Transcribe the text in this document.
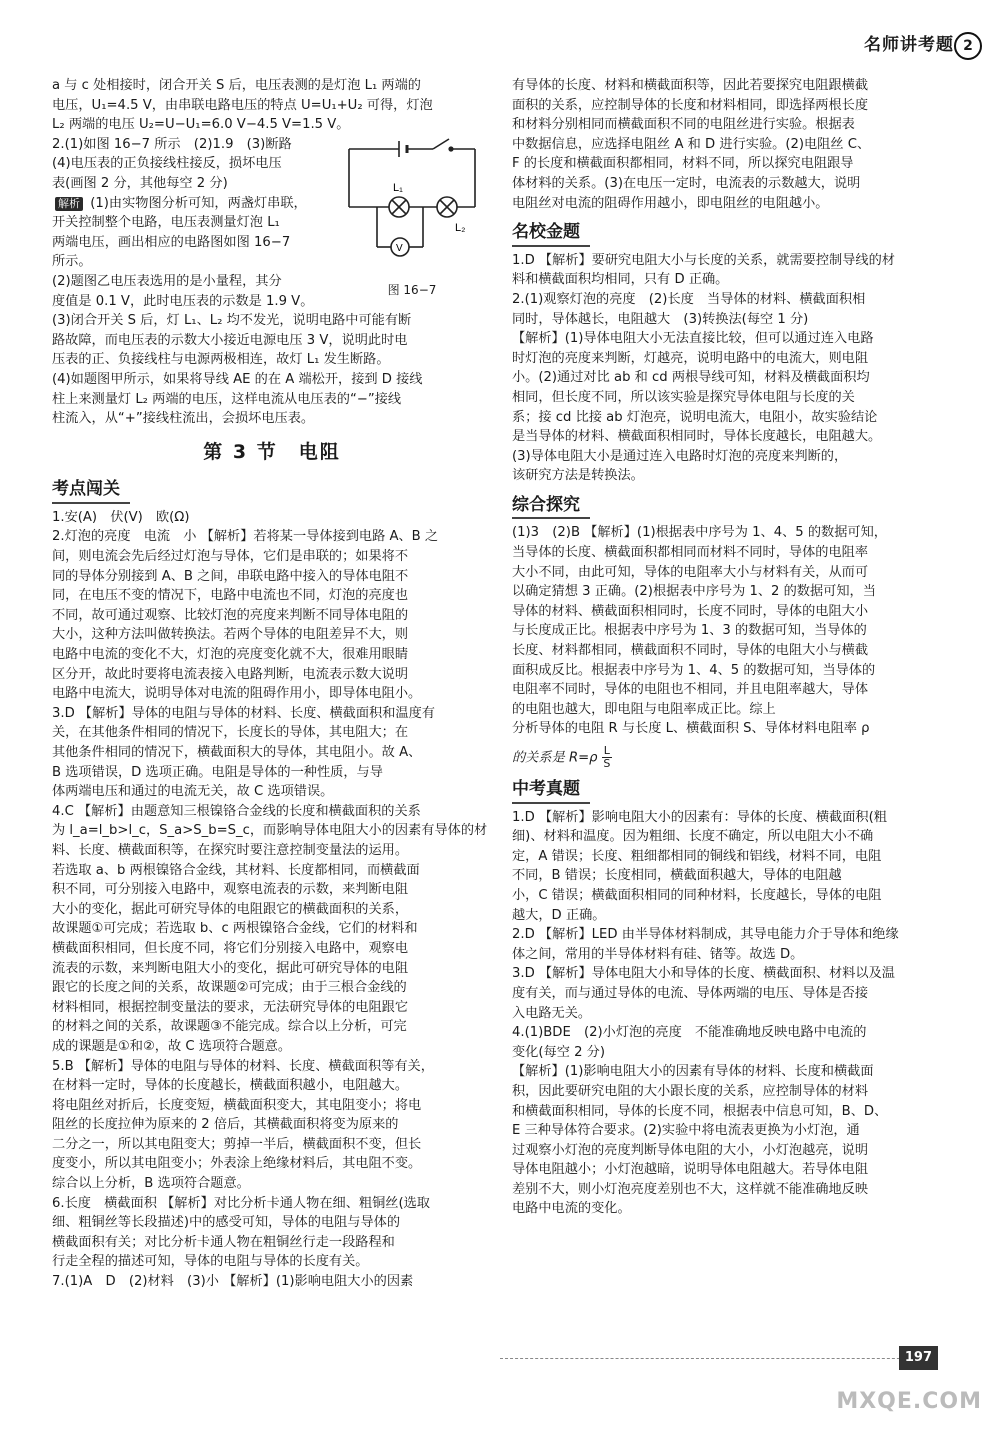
名师讲考题 2

a 与 c 处相接时，闭合开关 S 后，电压表测的是灯泡 L₁ 两端的

电压，U₁=4.5 V，由串联电路电压的特点 U=U₁+U₂ 可得，灯泡

L₂ 两端的电压 U₂=U−U₁=6.0 V−4.5 V=1.5 V。

L₁
L₂
V
图 16−7

2.(1)如图 16−7 所示　(2)1.9　(3)断路

(4)电压表的正负接线柱接反，损坏电压

表(画图 2 分，其他每空 2 分)

解析 (1)由实物图分析可知，两盏灯串联，

开关控制整个电路，电压表测量灯泡 L₁

两端电压，画出相应的电路图如图 16−7

所示。

(2)题图乙电压表选用的是小量程，其分

度值是 0.1 V，此时电压表的示数是 1.9 V。

(3)闭合开关 S 后，灯 L₁、L₂ 均不发光，说明电路中可能有断

路故障，而电压表的示数大小接近电源电压 3 V，说明此时电

压表的正、负接线柱与电源两极相连，故灯 L₁ 发生断路。

(4)如题图甲所示，如果将导线 AE 的在 A 端松开，接到 D 接线

柱上来测量灯 L₂ 两端的电压，这样电流从电压表的“−”接线

柱流入，从“+”接线柱流出，会损坏电压表。

第 3 节　电阻
考点闯关

1.安(A)　伏(V)　欧(Ω)

2.灯泡的亮度　电流　小 【解析】若将某一导体接到电路 A、B 之

间，则电流会先后经过灯泡与导体，它们是串联的；如果将不

同的导体分别接到 A、B 之间，串联电路中接入的导体电阻不

同，在电压不变的情况下，电路中电流也不同，灯泡的亮度也

不同，故可通过观察、比较灯泡的亮度来判断不同导体电阻的

大小，这种方法叫做转换法。若两个导体的电阻差异不大，则

电路中电流的变化不大，灯泡的亮度变化就不大，很难用眼睛

区分开，故此时要将电流表接入电路判断，电流表示数大说明

电路中电流大，说明导体对电流的阻碍作用小，即导体电阻小。

3.D 【解析】导体的电阻与导体的材料、长度、横截面积和温度有

关，在其他条件相同的情况下，长度长的导体，其电阻大；在

其他条件相同的情况下，横截面积大的导体，其电阻小。故 A、

B 选项错误，D 选项正确。电阻是导体的一种性质，与导

体两端电压和通过的电流无关，故 C 选项错误。

4.C 【解析】由题意知三根镍铬合金线的长度和横截面积的关系

为 l_a=l_b>l_c，S_a>S_b=S_c，而影响导体电阻大小的因素有导体的材

料、长度、横截面积等，在探究时要注意控制变量法的运用。

若选取 a、b 两根镍铬合金线，其材料、长度都相同，而横截面

积不同，可分别接入电路中，观察电流表的示数，来判断电阻

大小的变化，据此可研究导体的电阻跟它的横截面积的关系，

故课题①可完成；若选取 b、c 两根镍铬合金线，它们的材料和

横截面积相同，但长度不同，将它们分别接入电路中，观察电

流表的示数，来判断电阻大小的变化，据此可研究导体的电阻

跟它的长度之间的关系，故课题②可完成；由于三根合金线的

材料相同，根据控制变量法的要求，无法研究导体的电阻跟它

的材料之间的关系，故课题③不能完成。综合以上分析，可完

成的课题是①和②，故 C 选项符合题意。

5.B 【解析】导体的电阻与导体的材料、长度、横截面积等有关，

在材料一定时，导体的长度越长，横截面积越小，电阻越大。

将电阻丝对折后，长度变短，横截面积变大，其电阻变小；将电

阻丝的长度拉伸为原来的 2 倍后，其横截面积将变为原来的

二分之一，所以其电阻变大；剪掉一半后，横截面积不变，但长

度变小，所以其电阻变小；外表涂上绝缘材料后，其电阻不变。

综合以上分析，B 选项符合题意。

6.长度　横截面积 【解析】对比分析卡通人物在细、粗铜丝(选取

细、粗铜丝等长段描述)中的感受可知，导体的电阻与导体的

横截面积有关；对比分析卡通人物在粗铜丝行走一段路程和

行走全程的描述可知，导体的电阻与导体的长度有关。

7.(1)A　D　(2)材料　(3)小 【解析】(1)影响电阻大小的因素

有导体的长度、材料和横截面积等，因此若要探究电阻跟横截

面积的关系，应控制导体的长度和材料相同，即选择两根长度

和材料分别相同而横截面积不同的电阻丝进行实验。根据表

中数据信息，应选择电阻丝 A 和 D 进行实验。(2)电阻丝 C、

F 的长度和横截面积都相同，材料不同，所以探究电阻跟导

体材料的关系。(3)在电压一定时，电流表的示数越大，说明

电阻丝对电流的阻碍作用越小，即电阻丝的电阻越小。

名校金题

1.D 【解析】要研究电阻大小与长度的关系，就需要控制导线的材

料和横截面积均相同，只有 D 正确。

2.(1)观察灯泡的亮度　(2)长度　当导体的材料、横截面积相

同时，导体越长，电阻越大　(3)转换法(每空 1 分)

【解析】(1)导体电阻大小无法直接比较，但可以通过连入电路

时灯泡的亮度来判断，灯越亮，说明电路中的电流大，则电阻

小。(2)通过对比 ab 和 cd 两根导线可知，材料及横截面积均

相同，但长度不同，所以该实验是探究导体电阻与长度的关

系；接 cd 比接 ab 灯泡亮，说明电流大，电阻小，故实验结论

是当导体的材料、横截面积相同时，导体长度越长，电阻越大。

(3)导体电阻大小是通过连入电路时灯泡的亮度来判断的，

该研究方法是转换法。

综合探究

(1)3　(2)B 【解析】(1)根据表中序号为 1、4、5 的数据可知，

当导体的长度、横截面积都相同而材料不同时，导体的电阻率

大小不同，由此可知，导体的电阻率大小与材料有关，从而可

以确定猜想 3 正确。(2)根据表中序号为 1、2 的数据可知，当

导体的材料、横截面积相同时，长度不同时，导体的电阻大小

与长度成正比。根据表中序号为 1、3 的数据可知，当导体的

长度、材料都相同，横截面积不同时，导体的电阻大小与横截

面积成反比。根据表中序号为 1、4、5 的数据可知，当导体的

电阻率不同时，导体的电阻也不相同，并且电阻率越大，导体

的电阻也越大，即电阻与电阻率成正比。综上

分析导体的电阻 R 与长度 L、横截面积 S、导体材料电阻率 ρ

的关系是 $R=\rho \frac{L}{S}$

中考真题

1.D 【解析】影响电阻大小的因素有：导体的长度、横截面积(粗

细)、材料和温度。因为粗细、长度不确定，所以电阻大小不确

定，A 错误；长度、粗细都相同的铜线和铝线，材料不同，电阻

不同，B 错误；长度相同，横截面积越大，导体的电阻越

小，C 错误；横截面积相同的同种材料，长度越长，导体的电阻

越大，D 正确。

2.D 【解析】LED 由半导体材料制成，其导电能力介于导体和绝缘

体之间，常用的半导体材料有硅、锗等。故选 D。

3.D 【解析】导体电阻大小和导体的长度、横截面积、材料以及温

度有关，而与通过导体的电流、导体两端的电压、导体是否接

入电路无关。

4.(1)BDE　(2)小灯泡的亮度　不能准确地反映电路中电流的

变化(每空 2 分)

【解析】(1)影响电阻大小的因素有导体的材料、长度和横截面

积，因此要研究电阻的大小跟长度的关系，应控制导体的材料

和横截面积相同，导体的长度不同，根据表中信息可知，B、D、

E 三种导体符合要求。(2)实验中将电流表更换为小灯泡，通

过观察小灯泡的亮度判断导体电阻的大小，小灯泡越亮，说明

导体电阻越小；小灯泡越暗，说明导体电阻越大。若导体电阻

差别不大，则小灯泡亮度差别也不大，这样就不能准确地反映

电路中电流的变化。

197
MXQE.COM
